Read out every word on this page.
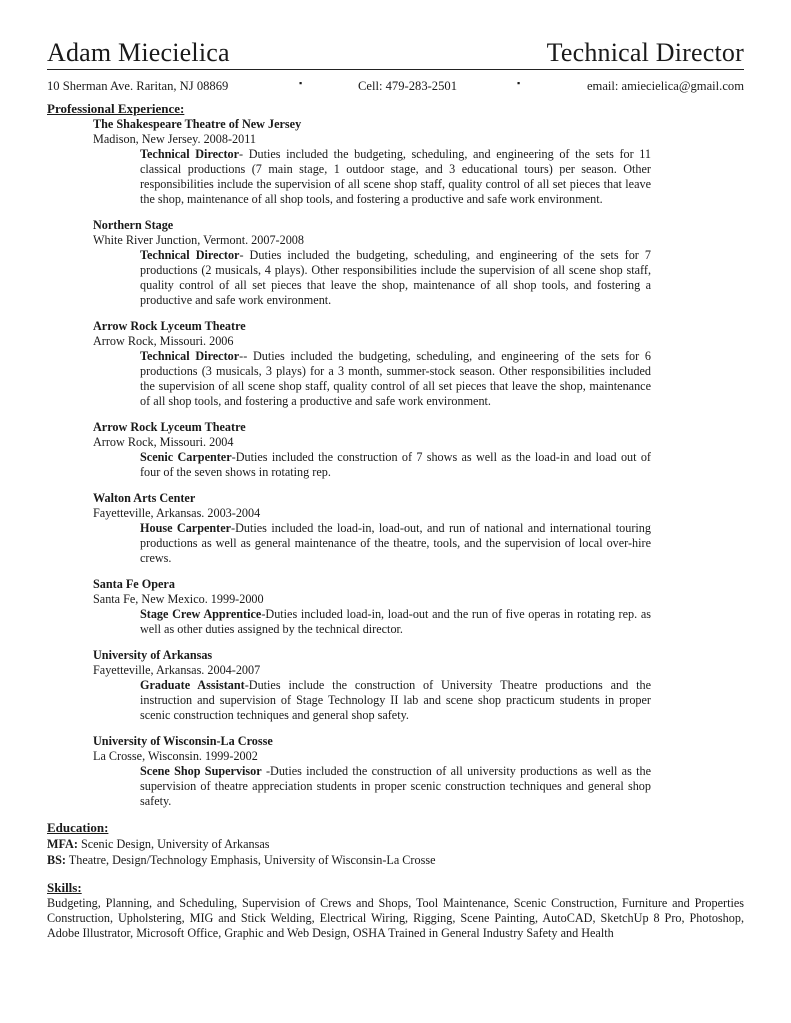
Adam Miecielica	Technical Director
10 Sherman Ave. Raritan, NJ 08869	▪	Cell: 479-283-2501	▪	email: amiecielica@gmail.com
Professional Experience:
The Shakespeare Theatre of New Jersey
Madison, New Jersey. 2008-2011
Technical Director- Duties included the budgeting, scheduling, and engineering of the sets for 11 classical productions (7 main stage, 1 outdoor stage, and 3 educational tours) per season. Other responsibilities include the supervision of all scene shop staff, quality control of all set pieces that leave the shop, maintenance of all shop tools, and fostering a productive and safe work environment.
Northern Stage
White River Junction, Vermont. 2007-2008
Technical Director- Duties included the budgeting, scheduling, and engineering of the sets for 7 productions (2 musicals, 4 plays). Other responsibilities include the supervision of all scene shop staff, quality control of all set pieces that leave the shop, maintenance of all shop tools, and fostering a productive and safe work environment.
Arrow Rock Lyceum Theatre
Arrow Rock, Missouri. 2006
Technical Director-- Duties included the budgeting, scheduling, and engineering of the sets for 6 productions (3 musicals, 3 plays) for a 3 month, summer-stock season. Other responsibilities included the supervision of all scene shop staff, quality control of all set pieces that leave the shop, maintenance of all shop tools, and fostering a productive and safe work environment.
Arrow Rock Lyceum Theatre
Arrow Rock, Missouri. 2004
Scenic Carpenter-Duties included the construction of 7 shows as well as the load-in and load out of four of the seven shows in rotating rep.
Walton Arts Center
Fayetteville, Arkansas. 2003-2004
House Carpenter-Duties included the load-in, load-out, and run of national and international touring productions as well as general maintenance of the theatre, tools, and the supervision of local over-hire crews.
Santa Fe Opera
Santa Fe, New Mexico. 1999-2000
Stage Crew Apprentice-Duties included load-in, load-out and the run of five operas in rotating rep. as well as other duties assigned by the technical director.
University of Arkansas
Fayetteville, Arkansas. 2004-2007
Graduate Assistant-Duties include the construction of University Theatre productions and the instruction and supervision of Stage Technology II lab and scene shop practicum students in proper scenic construction techniques and general shop safety.
University of Wisconsin-La Crosse
La Crosse, Wisconsin. 1999-2002
Scene Shop Supervisor -Duties included the construction of all university productions as well as the supervision of theatre appreciation students in proper scenic construction techniques and general shop safety.
Education:
MFA: Scenic Design, University of Arkansas
BS: Theatre, Design/Technology Emphasis, University of Wisconsin-La Crosse
Skills:
Budgeting, Planning, and Scheduling, Supervision of Crews and Shops, Tool Maintenance, Scenic Construction, Furniture and Properties Construction, Upholstering, MIG and Stick Welding, Electrical Wiring, Rigging, Scene Painting, AutoCAD, SketchUp 8 Pro, Photoshop, Adobe Illustrator, Microsoft Office, Graphic and Web Design, OSHA Trained in General Industry Safety and Health
